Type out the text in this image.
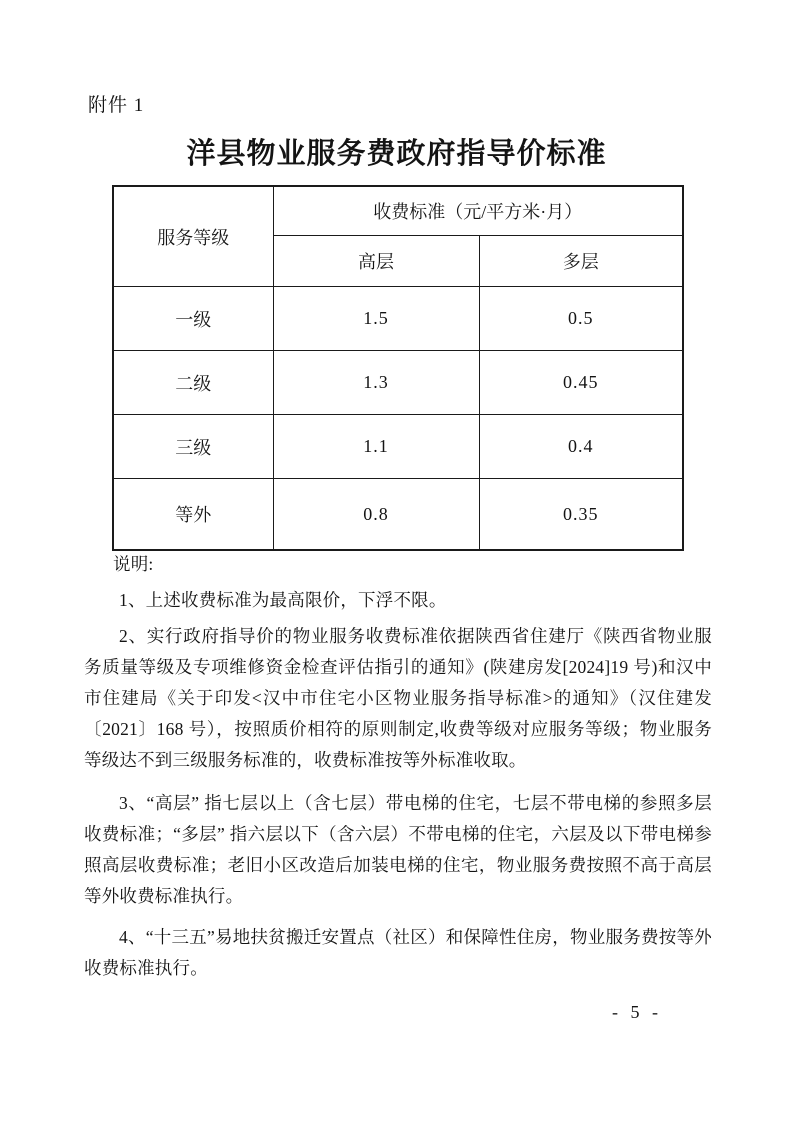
附件 1
洋县物业服务费政府指导价标准
服务等级	收费标准（元/平方米·月）	
	高层	多层
一级	1.5	0.5
二级	1.3	0.45
三级	1.1	0.4
等外	0.8	0.35
说明:

1、上述收费标准为最高限价，下浮不限。

2、实行政府指导价的物业服务收费标准依据陕西省住建厅《陕西省物业服务质量等级及专项维修资金检查评估指引的通知》(陕建房发[2024]19 号)和汉中市住建局《关于印发<汉中市住宅小区物业服务指导标准>的通知》（汉住建发〔2021〕168 号），按照质价相符的原则制定,收费等级对应服务等级；物业服务等级达不到三级服务标准的，收费标准按等外标准收取。

3、“高层” 指七层以上（含七层）带电梯的住宅，七层不带电梯的参照多层收费标准；“多层” 指六层以下（含六层）不带电梯的住宅，六层及以下带电梯参照高层收费标准；老旧小区改造后加装电梯的住宅，物业服务费按照不高于高层等外收费标准执行。

4、“十三五”易地扶贫搬迁安置点（社区）和保障性住房，物业服务费按等外收费标准执行。

- 5 -
